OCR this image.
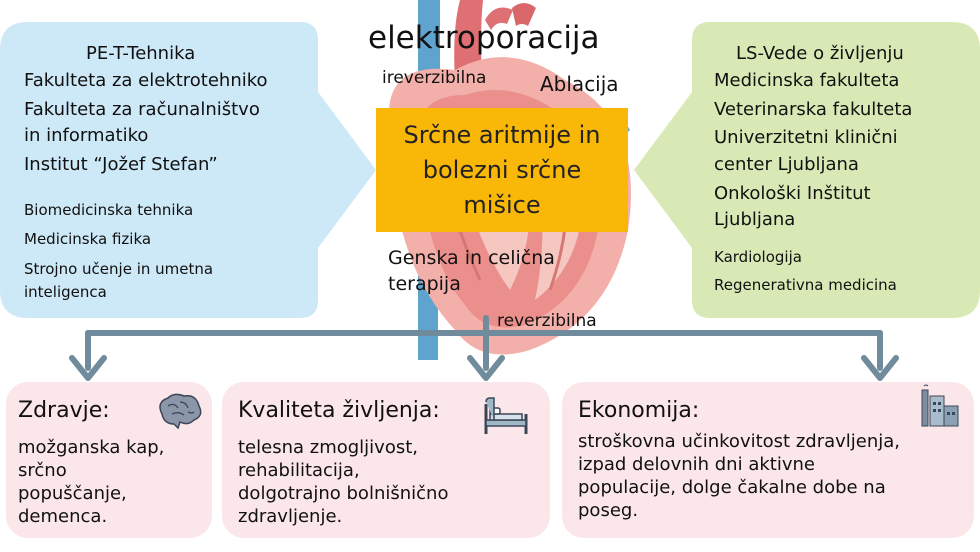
PE-T-Tehnika
Fakulteta za elektrotehniko
Fakulteta za računalništvo
in informatiko
Institut “Jožef Stefan”
Biomedicinska tehnika
Medicinska fizika
Strojno učenje in umetna
inteligenca
LS-Vede o življenju
Medicinska fakulteta
Veterinarska fakulteta
Univerzitetni klinični
center Ljubljana
Onkološki Inštitut
Ljubljana
Kardiologija
Regenerativna medicina
elektroporacija
ireverzibilna	Ablacija
Srčne aritmije in
bolezni srčne
mišice
Genska in celična
terapija
reverzibilna
Zdravje:
možganska kap,
srčno
popuščanje,
demenca.
Kvaliteta življenja:
telesna zmogljivost,
rehabilitacija,
dolgotrajno bolnišnično
zdravljenje.
Ekonomija:
stroškovna učinkovitost zdravljenja,
izpad delovnih dni aktivne
populacije, dolge čakalne dobe na
poseg.
